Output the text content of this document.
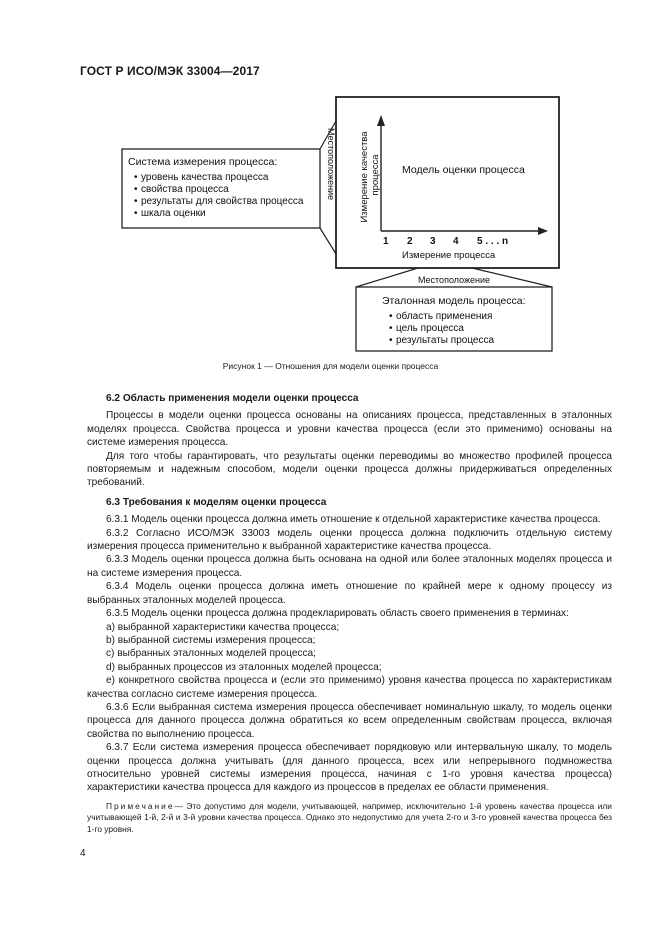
ГОСТ Р ИСО/МЭК 33004—2017
Система измерения процесса:
• уровень качества процесса
• свойства процесса
• результаты для свойства процесса
• шкала оценки
Местоположение Измерение качества процесса Модель оценки процесса
1 2 3 4 5 . . . n
Измерение процесса
Местоположение
Эталонная модель процесса:
• область применения
• цель процесса
• результаты процесса
Рисунок 1 — Отношения для модели оценки процесса

6.2 Область применения модели оценки процесса

Процессы в модели оценки процесса основаны на описаниях процесса, представленных в эталонных моделях процесса. Свойства процесса и уровни качества процесса (если это применимо) основаны на системе измерения процесса.

Для того чтобы гарантировать, что результаты оценки переводимы во множество профилей процесса повторяемым и надежным способом, модели оценки процесса должны придерживаться определенных требований.

6.3 Требования к моделям оценки процесса

6.3.1 Модель оценки процесса должна иметь отношение к отдельной характеристике качества процесса.

6.3.2 Согласно ИСО/МЭК 33003 модель оценки процесса должна подключить отдельную систему измерения процесса применительно к выбранной характеристике качества процесса.

6.3.3 Модель оценки процесса должна быть основана на одной или более эталонных моделях процесса и на системе измерения процесса.

6.3.4 Модель оценки процесса должна иметь отношение по крайней мере к одному процессу из выбранных эталонных моделей процесса.

6.3.5 Модель оценки процесса должна продекларировать область своего применения в терминах:

a) выбранной характеристики качества процесса;

b) выбранной системы измерения процесса;

c) выбранных эталонных моделей процесса;

d) выбранных процессов из эталонных моделей процесса;

e) конкретного свойства процесса и (если это применимо) уровня качества процесса по характеристикам качества согласно системе измерения процесса.

6.3.6 Если выбранная система измерения процесса обеспечивает номинальную шкалу, то модель оценки процесса для данного процесса должна обратиться ко всем определенным свойствам процесса, включая свойства по выполнению процесса.

6.3.7 Если система измерения процесса обеспечивает порядковую или интервальную шкалу, то модель оценки процесса должна учитывать (для данного процесса, всех или непрерывного подмножества относительно уровней системы измерения процесса, начиная с 1-го уровня качества процесса) характеристики качества процесса для каждого из процессов в пределах ее области применения.

Примечание— Это допустимо для модели, учитывающей, например, исключительно 1-й уровень качества процесса или учитывающей 1-й, 2-й и 3-й уровни качества процесса. Однако это недопустимо для учета 2-го и 3-го уровней качества процесса без 1-го уровня.

4
